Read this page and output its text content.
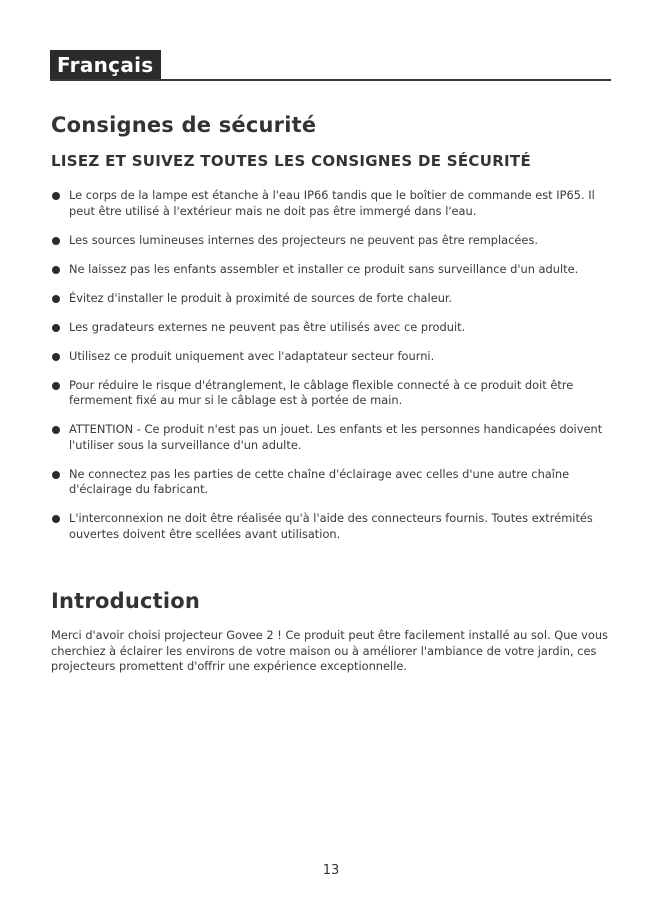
Français
Consignes de sécurité
LISEZ ET SUIVEZ TOUTES LES CONSIGNES DE SÉCURITÉ
Le corps de la lampe est étanche à l'eau IP66 tandis que le boîtier de commande est IP65. Il peut être utilisé à l'extérieur mais ne doit pas être immergé dans l'eau.
Les sources lumineuses internes des projecteurs ne peuvent pas être remplacées.
Ne laissez pas les enfants assembler et installer ce produit sans surveillance d'un adulte.
Évitez d'installer le produit à proximité de sources de forte chaleur.
Les gradateurs externes ne peuvent pas être utilisés avec ce produit.
Utilisez ce produit uniquement avec l'adaptateur secteur fourni.
Pour réduire le risque d'étranglement, le câblage flexible connecté à ce produit doit être fermement fixé au mur si le câblage est à portée de main.
ATTENTION - Ce produit n'est pas un jouet. Les enfants et les personnes handicapées doivent l'utiliser sous la surveillance d'un adulte.
Ne connectez pas les parties de cette chaîne d'éclairage avec celles d'une autre chaîne d'éclairage du fabricant.
L'interconnexion ne doit être réalisée qu'à l'aide des connecteurs fournis. Toutes extrémités ouvertes doivent être scellées avant utilisation.
Introduction

Merci d'avoir choisi projecteur Govee 2 ! Ce produit peut être facilement installé au sol. Que vous cherchiez à éclairer les environs de votre maison ou à améliorer l'ambiance de votre jardin, ces projecteurs promettent d'offrir une expérience exceptionnelle.

13
